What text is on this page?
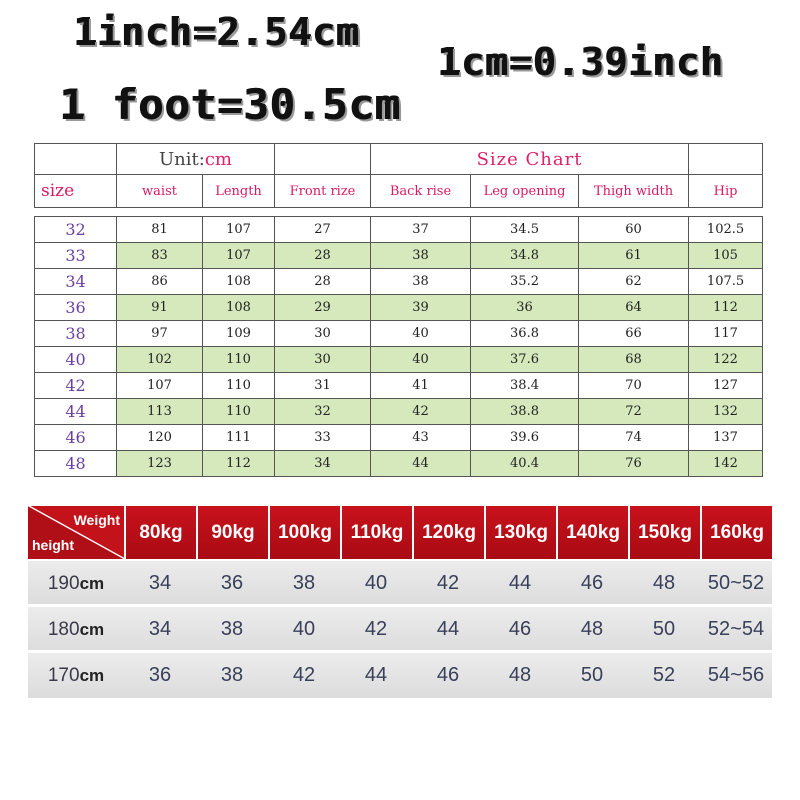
1inch=2.54cm
1cm=0.39inch
1 foot=30.5cm
	Unit:cm			Size Chart			
size	waist	Length	Front rize	Back rise	Leg opening	Thigh width	Hip

32	81	107	27	37	34.5	60	102.5
33	83	107	28	38	34.8	61	105
34	86	108	28	38	35.2	62	107.5
36	91	108	29	39	36	64	112
38	97	109	30	40	36.8	66	117
40	102	110	30	40	37.6	68	122
42	107	110	31	41	38.4	70	127
44	113	110	32	42	38.8	72	132
46	120	111	33	43	39.6	74	137
48	123	112	34	44	40.4	76	142
Weight
height
80kg	90kg	100kg 110kg 120kg 130kg 140kg 150kg 160kg
190 cm	34	36	38	40	42	44	46	48	50~52
180 cm	34	38	40	42	44	46	48	50	52~54
170 cm	36	38	42	44	46	48	50	52	54~56
